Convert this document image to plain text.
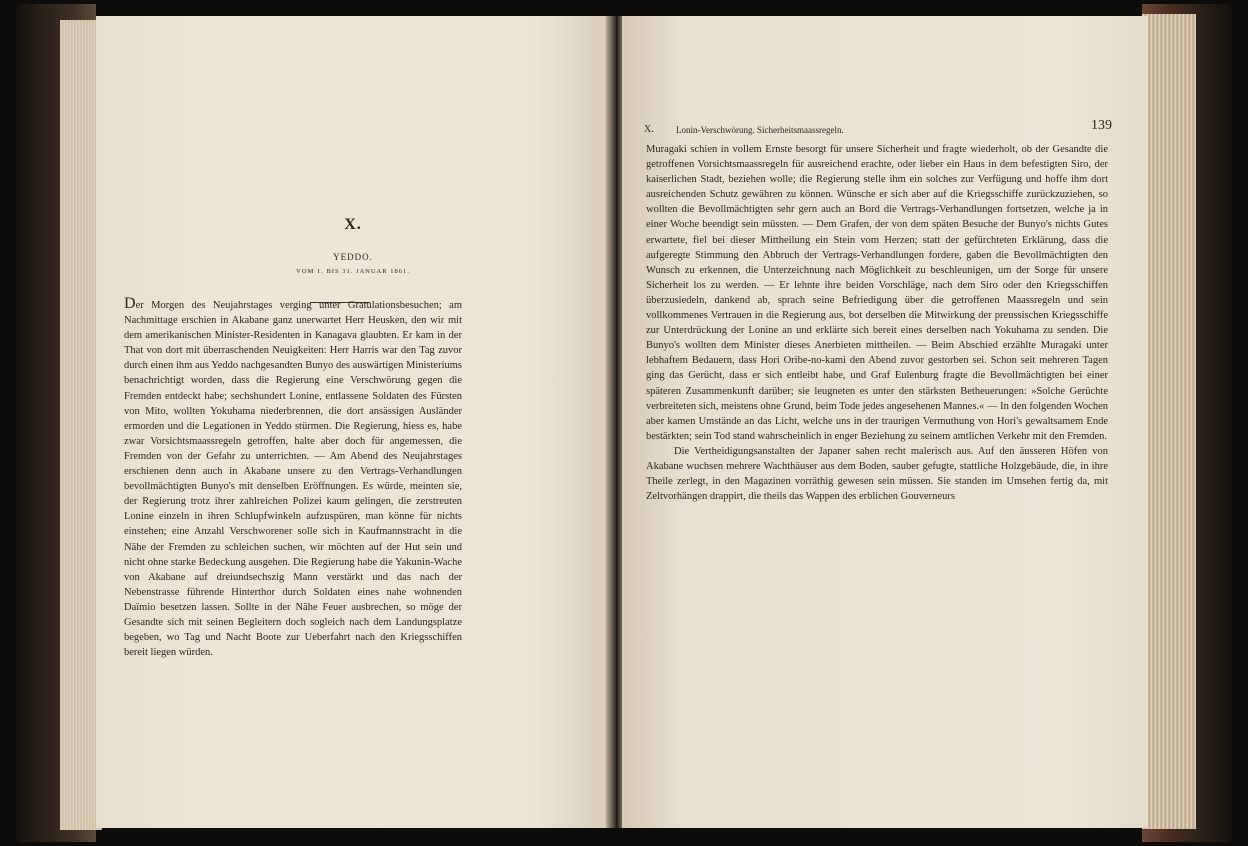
X.
YEDDO.
VOM 1. BIS 31. JANUAR 1861.
X. Lonin-Verschwörung. Sicherheitsmaassregeln.	139

Muragaki schien in vollem Ernste besorgt für unsere Sicherheit und fragte wiederholt, ob der Gesandte die getroffenen Vorsichtsmaassregeln für ausreichend erachte, oder lieber ein Haus in dem befestigten Siro, der kaiserlichen Stadt, beziehen wolle; die Regierung stelle ihm ein solches zur Verfügung und hoffe ihm dort ausreichenden Schutz gewähren zu können. Wünsche er sich aber auf die Kriegsschiffe zurückzuziehen, so wollten die Bevollmächtigten sehr gern auch an Bord die Vertrags-Verhandlungen fortsetzen, welche ja in einer Woche beendigt sein müssten. — Dem Grafen, der von dem späten Besuche der Bunyo's nichts Gutes erwartete, fiel bei dieser Mittheilung ein Stein vom Herzen; statt der gefürchteten Erklärung, dass die aufgeregte Stimmung den Abbruch der Vertrags-Verhandlungen fordere, gaben die Bevollmächtigten den Wunsch zu erkennen, die Unterzeichnung nach Möglichkeit zu beschleunigen, um der Sorge für unsere Sicherheit los zu werden. — Er lehnte ihre beiden Vorschläge, nach dem Siro oder den Kriegsschiffen überzusiedeln, dankend ab, sprach seine Befriedigung über die getroffenen Maassregeln und sein vollkommenes Vertrauen in die Regierung aus, bot derselben die Mitwirkung der preussischen Kriegsschiffe zur Unterdrückung der Lonine an und erklärte sich bereit eines derselben nach Yokuhama zu senden. Die Bunyo's wollten dem Minister dieses Anerbieten mittheilen. — Beim Abschied erzählte Muragaki unter lebhaftem Bedauern, dass Hori Oribe-no-kami den Abend zuvor gestorben sei. Schon seit mehreren Tagen ging das Gerücht, dass er sich entleibt habe, und Graf Eulenburg fragte die Bevollmächtigten bei einer späteren Zusammenkunft darüber; sie leugneten es unter den stärksten Betheuerungen: »Solche Gerüchte verbreiteten sich, meistens ohne Grund, beim Tode jedes angesehenen Mannes.« — In den folgenden Wochen aber kamen Umstände an das Licht, welche uns in der traurigen Vermuthung von Hori's gewaltsamem Ende bestärkten; sein Tod stand wahrscheinlich in enger Beziehung zu seinem amtlichen Verkehr mit den Fremden.

Die Vertheidigungsanstalten der Japaner sahen recht malerisch aus. Auf den äusseren Höfen von Akabane wuchsen mehrere Wachthäuser aus dem Boden, sauber gefugte, stattliche Holzgebäude, die, in ihre Theile zerlegt, in den Magazinen vorräthig gewesen sein müssen. Sie standen im Umsehen fertig da, mit Zeltvorhängen drappirt, die theils das Wappen des erblichen Gouverneurs

Der Morgen des Neujahrstages verging unter Gratulationsbesuchen; am Nachmittage erschien in Akabane ganz unerwartet Herr Heusken, den wir mit dem amerikanischen Minister-Residenten in Kanagava glaubten. Er kam in der That von dort mit überraschenden Neuigkeiten: Herr Harris war den Tag zuvor durch einen ihm aus Yeddo nachgesandten Bunyo des auswärtigen Ministeriums benachrichtigt worden, dass die Regierung eine Verschwörung gegen die Fremden entdeckt habe; sechshundert Lonine, entlassene Soldaten des Fürsten von Mito, wollten Yokuhama niederbrennen, die dort ansässigen Ausländer ermorden und die Legationen in Yeddo stürmen. Die Regierung, hiess es, habe zwar Vorsichtsmaassregeln getroffen, halte aber doch für angemessen, die Fremden von der Gefahr zu unterrichten. — Am Abend des Neujahrstages erschienen denn auch in Akabane unsere zu den Vertrags-Verhandlungen bevollmächtigten Bunyo's mit denselben Eröffnungen. Es würde, meinten sie, der Regierung trotz ihrer zahlreichen Polizei kaum gelingen, die zerstreuten Lonine einzeln in ihren Schlupfwinkeln aufzuspüren, man könne für nichts einstehen; eine Anzahl Verschworener solle sich in Kaufmannstracht in die Nähe der Fremden zu schleichen suchen, wir möchten auf der Hut sein und nicht ohne starke Bedeckung ausgehen. Die Regierung habe die Yakunin-Wache von Akabane auf dreiundsechszig Mann verstärkt und das nach der Nebenstrasse führende Hinterthor durch Soldaten eines nahe wohnenden Daïmio besetzen lassen. Sollte in der Nähe Feuer ausbrechen, so möge der Gesandte sich mit seinen Begleitern doch sogleich nach dem Landungsplatze begeben, wo Tag und Nacht Boote zur Ueberfahrt nach den Kriegsschiffen bereit liegen würden.
